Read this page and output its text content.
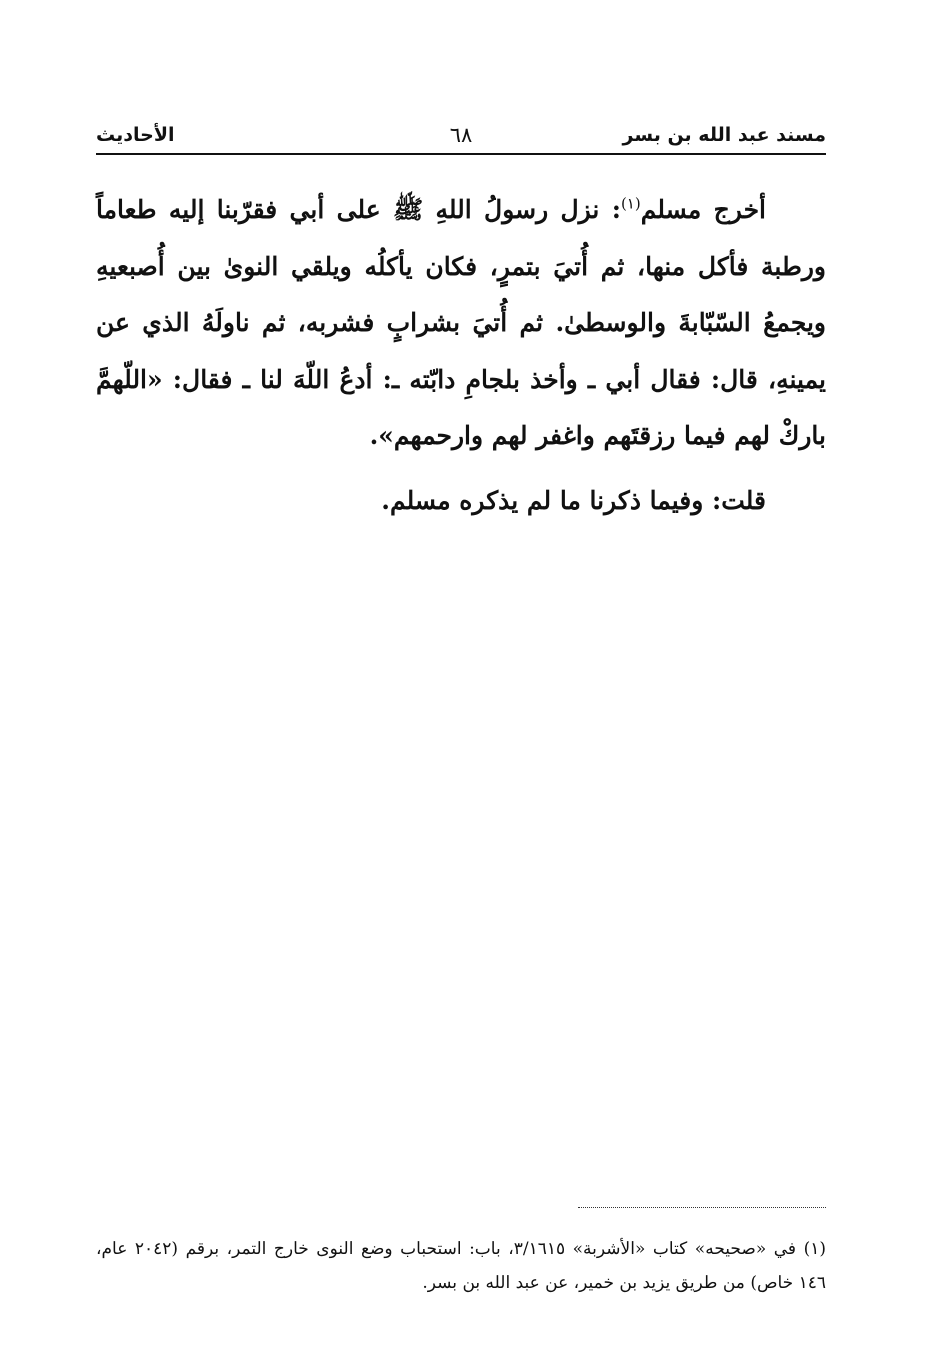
مسند عبد الله بن بسر
٦٨
الأحاديث

أخرج مسلم$^{(١)}$: نزل رسولُ اللهِ ﷺ على أبي فقرّبنا إليه طعاماً ورطبة فأكل منها، ثم أُتيَ بتمرٍ، فكان يأكلُه ويلقي النوىٰ بين أُصبعيهِ ويجمعُ السّبّابةَ والوسطىٰ. ثم أُتيَ بشرابٍ فشربه، ثم ناولَهُ الذي عن يمينهِ، قال: فقال أبي ـ وأخذ بلجامِ دابّته ـ: أدعُ اللّهَ لنا ـ فقال: «اللّهمَّ باركْ لهم فيما رزقتَهم واغفر لهم وارحمهم».

قلت: وفيما ذكرنا ما لم يذكره مسلم.

(١) في «صحيحه» كتاب «الأشربة» ٣/١٦١٥، باب: استحباب وضع النوى خارج التمر، برقم (٢٠٤٢ عام، ١٤٦ خاص) من طريق يزيد بن خمير، عن عبد الله بن بسر.
